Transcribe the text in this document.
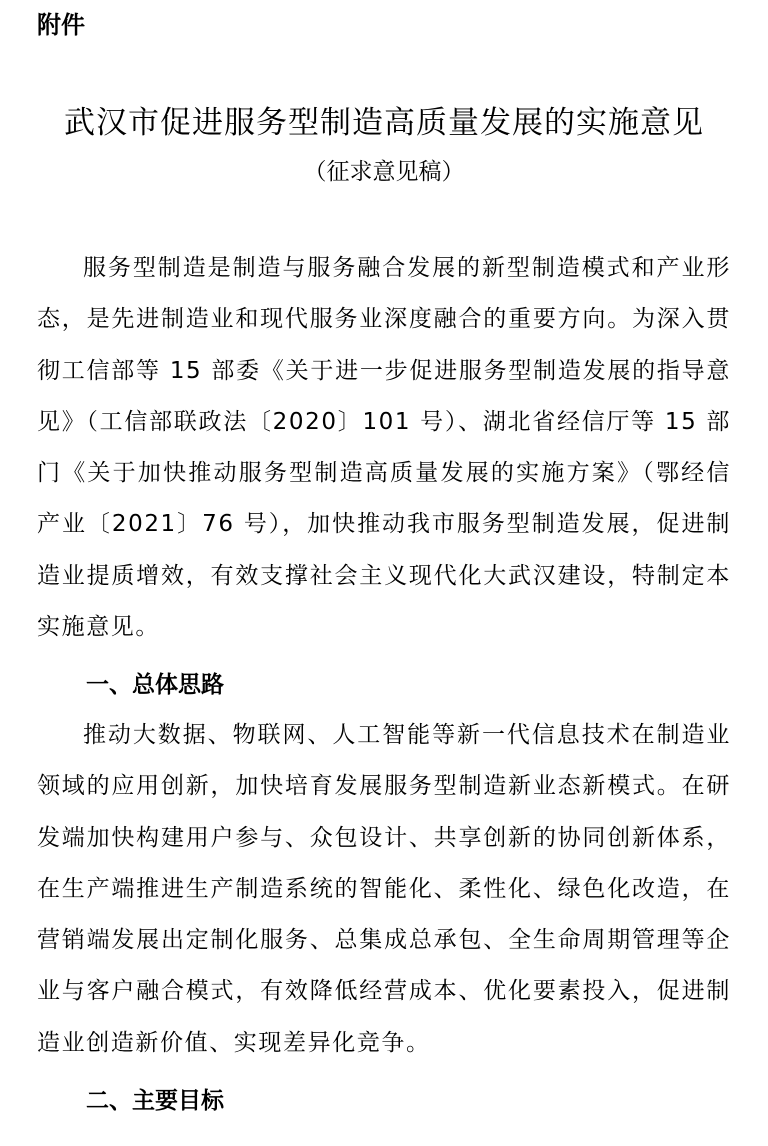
附件
武汉市促进服务型制造高质量发展的实施意见
（征求意见稿）

服务型制造是制造与服务融合发展的新型制造模式和产业形态，是先进制造业和现代服务业深度融合的重要方向。为深入贯彻工信部等 15 部委《关于进一步促进服务型制造发展的指导意见》（工信部联政法〔2020〕101 号）、湖北省经信厅等 15 部门《关于加快推动服务型制造高质量发展的实施方案》（鄂经信产业〔2021〕76 号），加快推动我市服务型制造发展，促进制造业提质增效，有效支撑社会主义现代化大武汉建设，特制定本实施意见。

一、总体思路

推动大数据、物联网、人工智能等新一代信息技术在制造业领域的应用创新，加快培育发展服务型制造新业态新模式。在研发端加快构建用户参与、众包设计、共享创新的协同创新体系，在生产端推进生产制造系统的智能化、柔性化、绿色化改造，在营销端发展出定制化服务、总集成总承包、全生命周期管理等企业与客户融合模式，有效降低经营成本、优化要素投入，促进制造业创造新价值、实现差异化竞争。

二、主要目标
